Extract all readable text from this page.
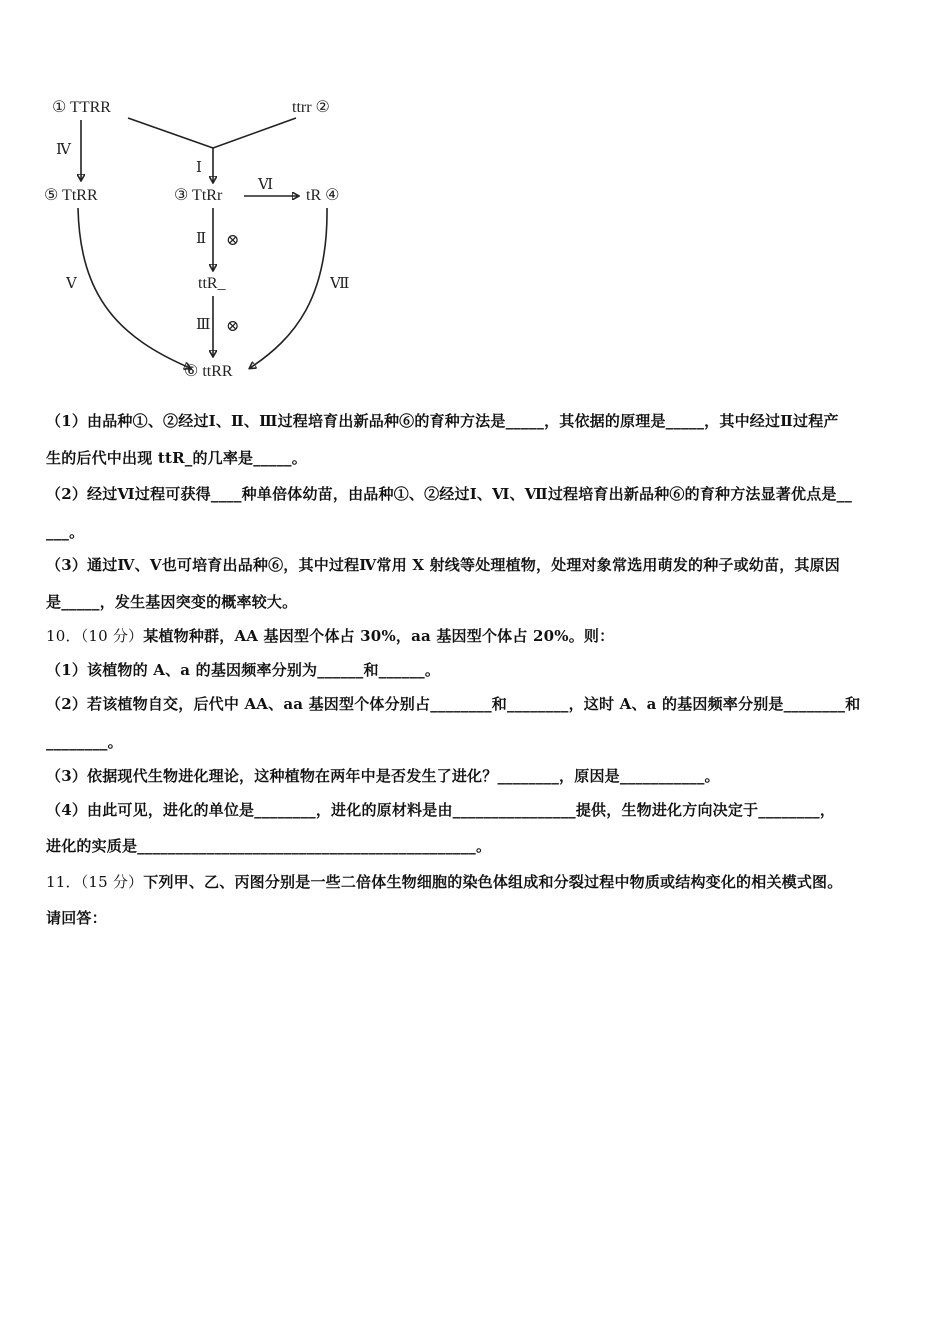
① TTRR	ttrr ②
⑤ TtRR	③ TtRr	tR ④
ttR_
⑥ ttRR
Ⅰ
Ⅳ
Ⅵ
Ⅱ ⊗
Ⅲ ⊗
Ⅴ	Ⅶ
（1）由品种①、②经过Ⅰ、Ⅱ、Ⅲ过程培育出新品种⑥的育种方法是_____，其依据的原理是_____，其中经过Ⅱ过程产
生的后代中出现 ttR_的几率是_____。
（2）经过Ⅵ过程可获得____种单倍体幼苗，由品种①、②经过Ⅰ、Ⅵ、Ⅶ过程培育出新品种⑥的育种方法显著优点是__
___。
（3）通过Ⅳ、Ⅴ也可培育出品种⑥，其中过程Ⅳ常用 X 射线等处理植物，处理对象常选用萌发的种子或幼苗，其原因
是_____，发生基因突变的概率较大。
10．（10 分）某植物种群，AA 基因型个体占 30%，aa 基因型个体占 20%。则：
（1）该植物的 A、a 的基因频率分别为______和______。
（2）若该植物自交，后代中 AA、aa 基因型个体分别占________和________，这时 A、a 的基因频率分别是________和
________。
（3）依据现代生物进化理论，这种植物在两年中是否发生了进化？________，原因是___________。
（4）由此可见，进化的单位是________，进化的原材料是由________________提供，生物进化方向决定于________，
进化的实质是____________________________________________。
11．（15 分）下列甲、乙、丙图分别是一些二倍体生物细胞的染色体组成和分裂过程中物质或结构变化的相关模式图。
请回答：
